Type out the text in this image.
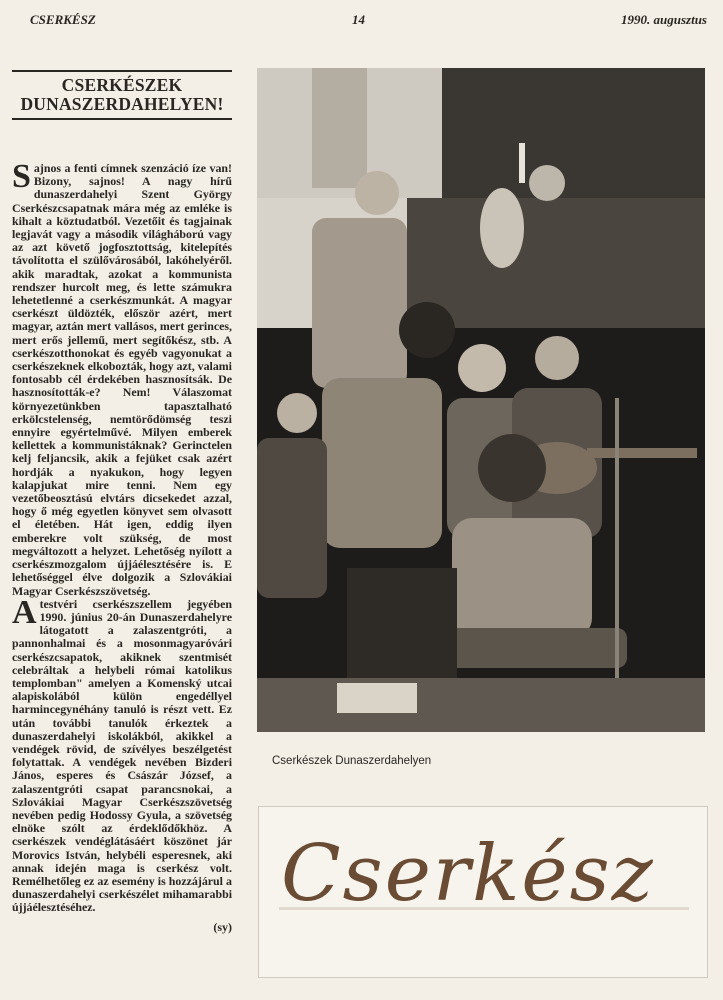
CSERKÉSZ	14	1990. augusztus
CSERKÉSZEK
DUNASZERDAHELYEN!

Sajnos a fenti címnek szenzáció íze van! Bizony, sajnos! A nagy hírű dunaszerdahelyi Szent György Cserkészcsapatnak mára még az emléke is kihalt a köztudatból. Vezetőit és tagjainak legjavát vagy a második világháború vagy az azt követő jogfosztottság, kitelepítés távolította el szülővárosából, lakóhelyéről. akik maradtak, azokat a kommunista rendszer hurcolt meg, és lette számukra lehetetlenné a cserkészmunkát. A magyar cserkészt üldözték, először azért, mert magyar, aztán mert vallásos, mert gerinces, mert erős jellemű, mert segítőkész, stb. A cserkészotthonokat és egyéb vagyonukat a cserkészeknek elkobozták, hogy azt, valami fontosabb cél érdekében hasznosítsák. De hasznosították-e? Nem! Válaszomat környezetünkben tapasztalható erkölcstelenség, nemtörődömség teszi ennyire egyértelművé. Milyen emberek kellettek a kommunistáknak? Gerinctelen kelj feljancsik, akik a fejüket csak azért hordják a nyakukon, hogy legyen kalapjukat mire tenni. Nem egy vezetőbeosztású elvtárs dicsekedet azzal, hogy ő még egyetlen könyvet sem olvasott el életében. Hát igen, eddig ilyen emberekre volt szükség, de most megváltozott a helyzet. Lehetőség nyílott a cserkészmozgalom újjáélesztésére is. E lehetőséggel élve dolgozik a Szlovákiai Magyar Cserkészszövetség.

Atestvéri cserkészszellem jegyében 1990. június 20-án Dunaszerdahelyre látogatott a zalaszentgróti, a pannonhalmai és a mosonmagyaróvári cserkészcsapatok, akiknek szentmisét celebráltak a helybeli római katolikus templomban" amelyen a Komenský utcai alapiskolából külön engedéllyel harmincegynéhány tanuló is részt vett. Ez után további tanulók érkeztek a dunaszerdahelyi iskolákból, akikkel a vendégek rövid, de szívélyes beszélgetést folytattak. A vendégek nevében Bizderi János, esperes és Császár József, a zalaszentgróti csapat parancsnokai, a Szlovákiai Magyar Cserkészszövetség nevében pedig Hodossy Gyula, a szövetség elnöke szólt az érdeklődőkhöz. A cserkészek vendéglátásáért köszönet jár Morovics István, helybéli esperesnek, aki annak idején maga is cserkész volt. Remélhetőleg ez az esemény is hozzájárul a dunaszerdahelyi cserkészélet mihamarabbi újjáélesztéséhez.

(sy)
Cserkészek Dunaszerdahelyen
Cserkész
